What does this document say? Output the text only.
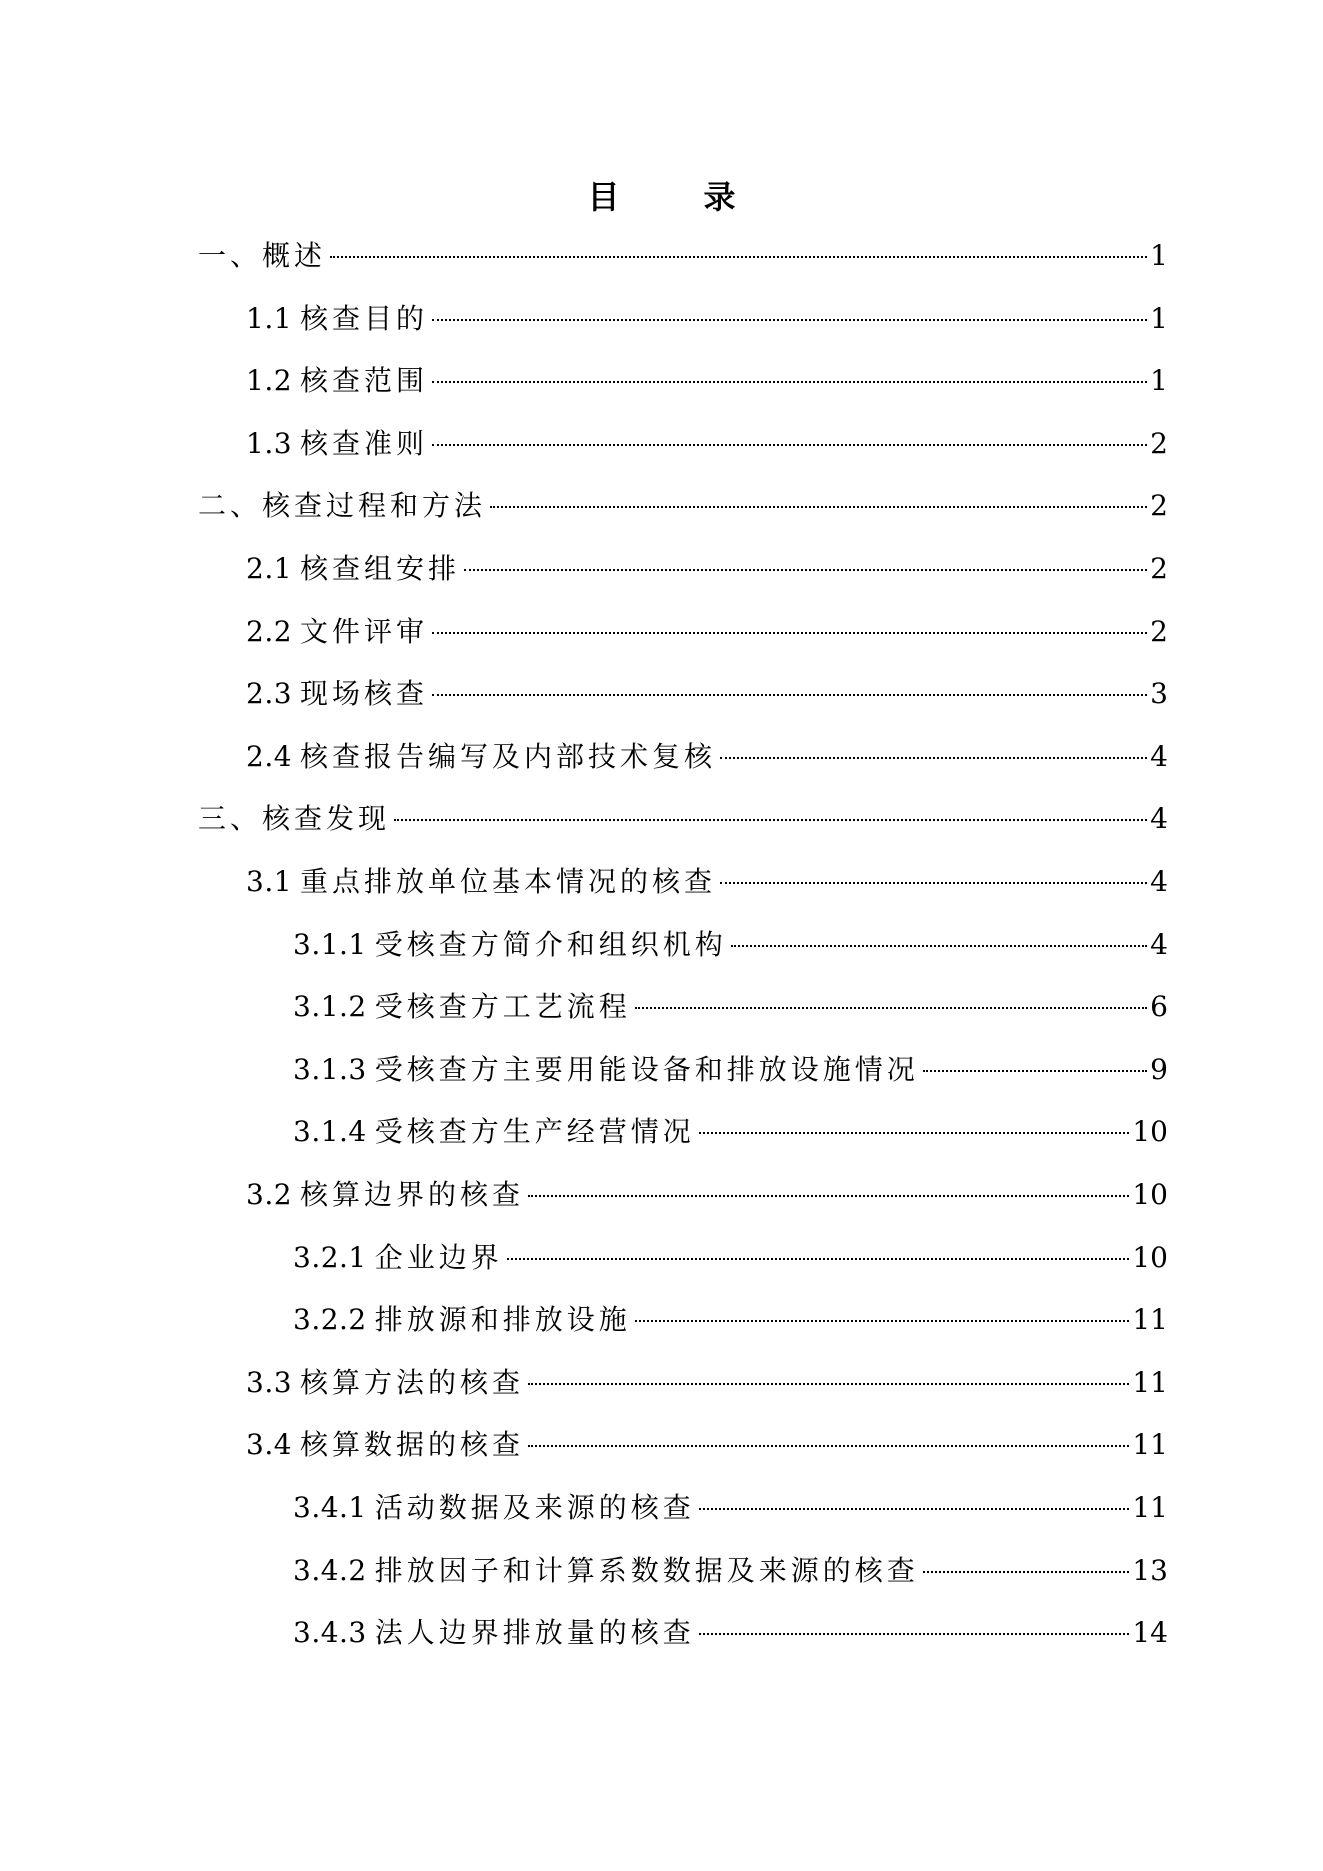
目　录
一、概述	1
1.1 核查目的	1
1.2 核查范围	1
1.3 核查准则	2
二、核查过程和方法	2
2.1 核查组安排	2
2.2 文件评审	2
2.3 现场核查	3
2.4 核查报告编写及内部技术复核	4
三、核查发现	4
3.1 重点排放单位基本情况的核查	4
3.1.1 受核查方简介和组织机构	4
3.1.2 受核查方工艺流程	6
3.1.3 受核查方主要用能设备和排放设施情况	9
3.1.4 受核查方生产经营情况	10
3.2 核算边界的核查	10
3.2.1 企业边界	10
3.2.2 排放源和排放设施	11
3.3 核算方法的核查	11
3.4 核算数据的核查	11
3.4.1 活动数据及来源的核查	11
3.4.2 排放因子和计算系数数据及来源的核查	13
3.4.3 法人边界排放量的核查	14
